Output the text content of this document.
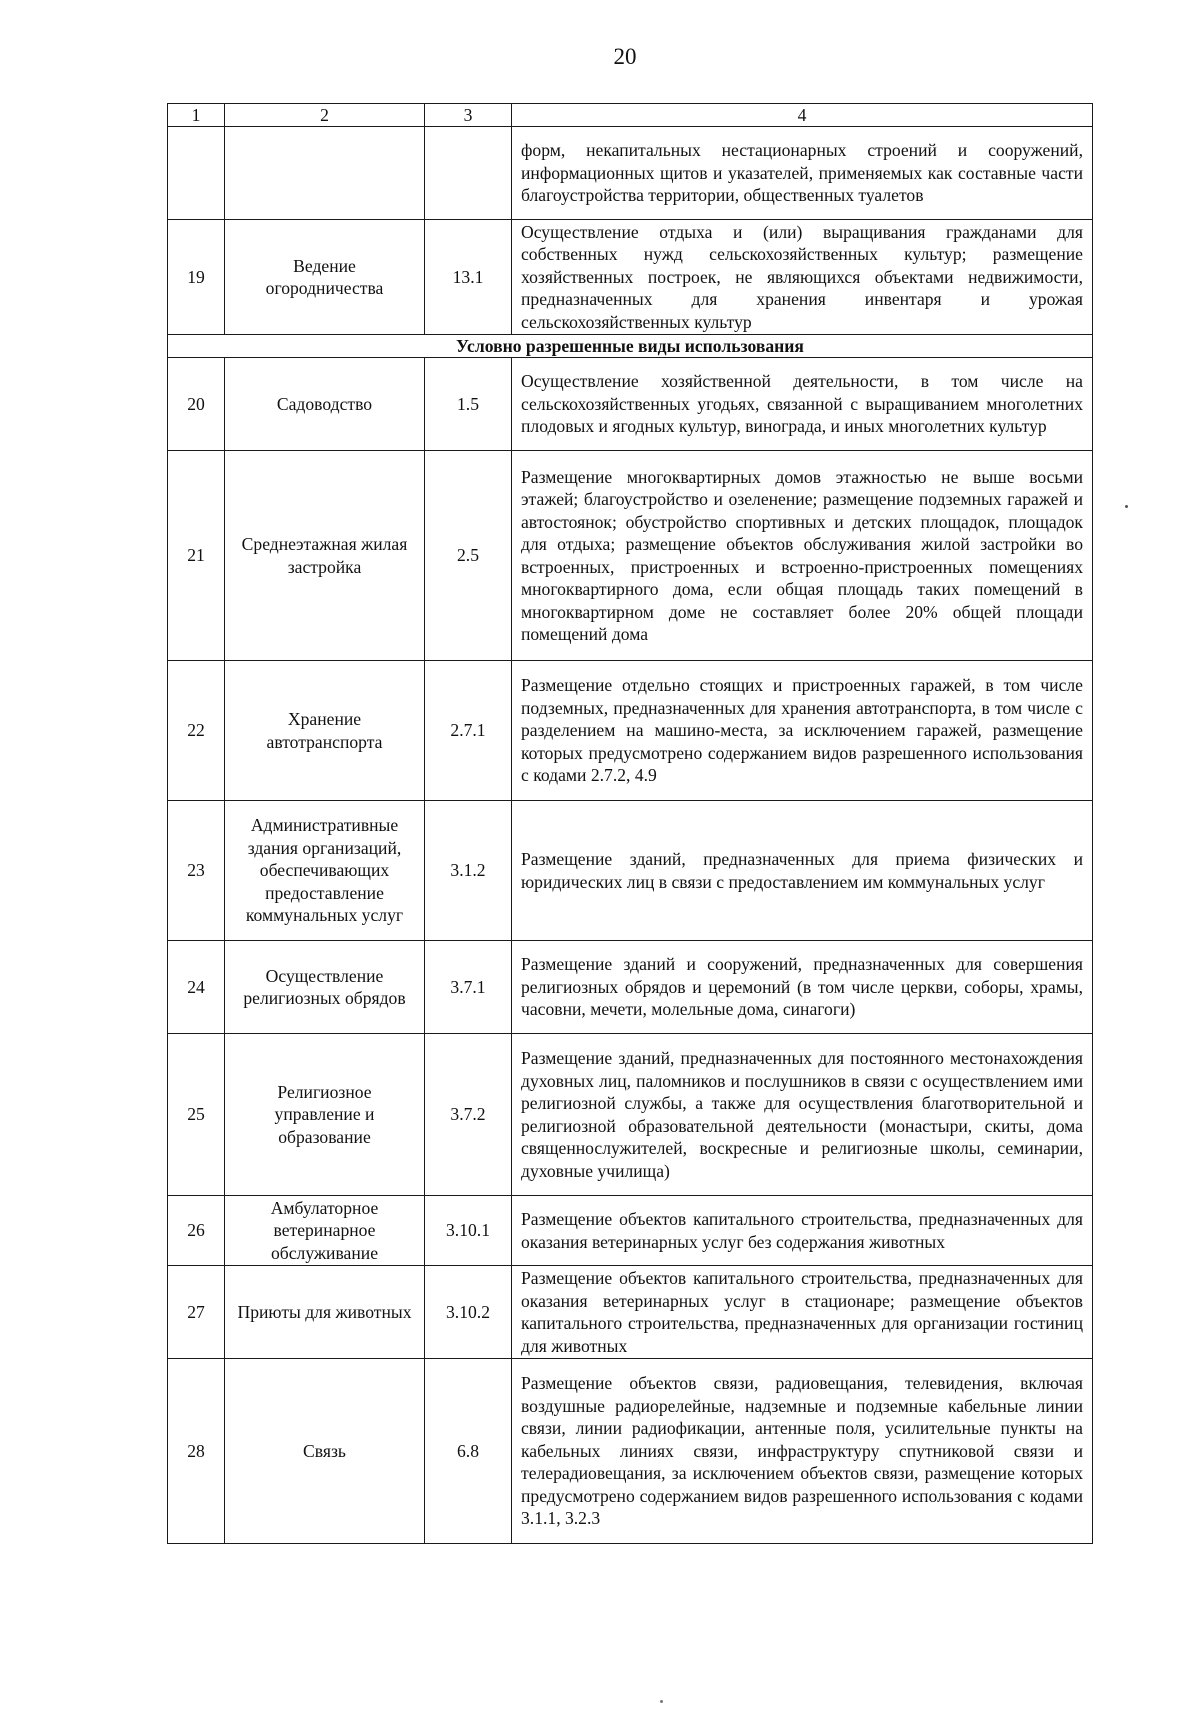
20
1	2	3	4
			форм, некапитальных нестационарных строений и сооружений, информационных щитов и указателей, применяемых как составные части благоустройства территории, общественных туалетов
19	Ведение огородничества	13.1	Осуществление отдыха и (или) выращивания гражданами для собственных нужд сельскохозяйственных культур; размещение хозяйственных построек, не являющихся объектами недвижимости, предназначенных для хранения инвентаря и урожая сельскохозяйственных культур
Условно разрешенные виды использования			
20	Садоводство	1.5	Осуществление хозяйственной деятельности, в том числе на сельскохозяйственных угодьях, связанной с выращиванием многолетних плодовых и ягодных культур, винограда, и иных многолетних культур
21	Среднеэтажная жилая застройка	2.5	Размещение многоквартирных домов этажностью не выше восьми этажей; благоустройство и озеленение; размещение подземных гаражей и автостоянок; обустройство спортивных и детских площадок, площадок для отдыха; размещение объектов обслуживания жилой застройки во встроенных, пристроенных и встроенно-пристроенных помещениях многоквартирного дома, если общая площадь таких помещений в многоквартирном доме не составляет более 20% общей площади помещений дома
22	Хранение автотранспорта	2.7.1	Размещение отдельно стоящих и пристроенных гаражей, в том числе подземных, предназначенных для хранения автотранспорта, в том числе с разделением на машино-места, за исключением гаражей, размещение которых предусмотрено содержанием видов разрешенного использования с кодами 2.7.2, 4.9
23	Административные здания организаций, обеспечивающих предоставление коммунальных услуг	3.1.2	Размещение зданий, предназначенных для приема физических и юридических лиц в связи с предоставлением им коммунальных услуг
24	Осуществление религиозных обрядов	3.7.1	Размещение зданий и сооружений, предназначенных для совершения религиозных обрядов и церемоний (в том числе церкви, соборы, храмы, часовни, мечети, молельные дома, синагоги)
25	Религиозное управление и образование	3.7.2	Размещение зданий, предназначенных для постоянного местонахождения духовных лиц, паломников и послушников в связи с осуществлением ими религиозной службы, а также для осуществления благотворительной и религиозной образовательной деятельности (монастыри, скиты, дома священнослужителей, воскресные и религиозные школы, семинарии, духовные училища)
26	Амбулаторное ветеринарное обслуживание	3.10.1	Размещение объектов капитального строительства, предназначенных для оказания ветеринарных услуг без содержания животных
27	Приюты для животных	3.10.2	Размещение объектов капитального строительства, предназначенных для оказания ветеринарных услуг в стационаре; размещение объектов капитального строительства, предназначенных для организации гостиниц для животных
28	Связь	6.8	Размещение объектов связи, радиовещания, телевидения, включая воздушные радиорелейные, надземные и подземные кабельные линии связи, линии радиофикации, антенные поля, усилительные пункты на кабельных линиях связи, инфраструктуру спутниковой связи и телерадиовещания, за исключением объектов связи, размещение которых предусмотрено содержанием видов разрешенного использования с кодами 3.1.1, 3.2.3
